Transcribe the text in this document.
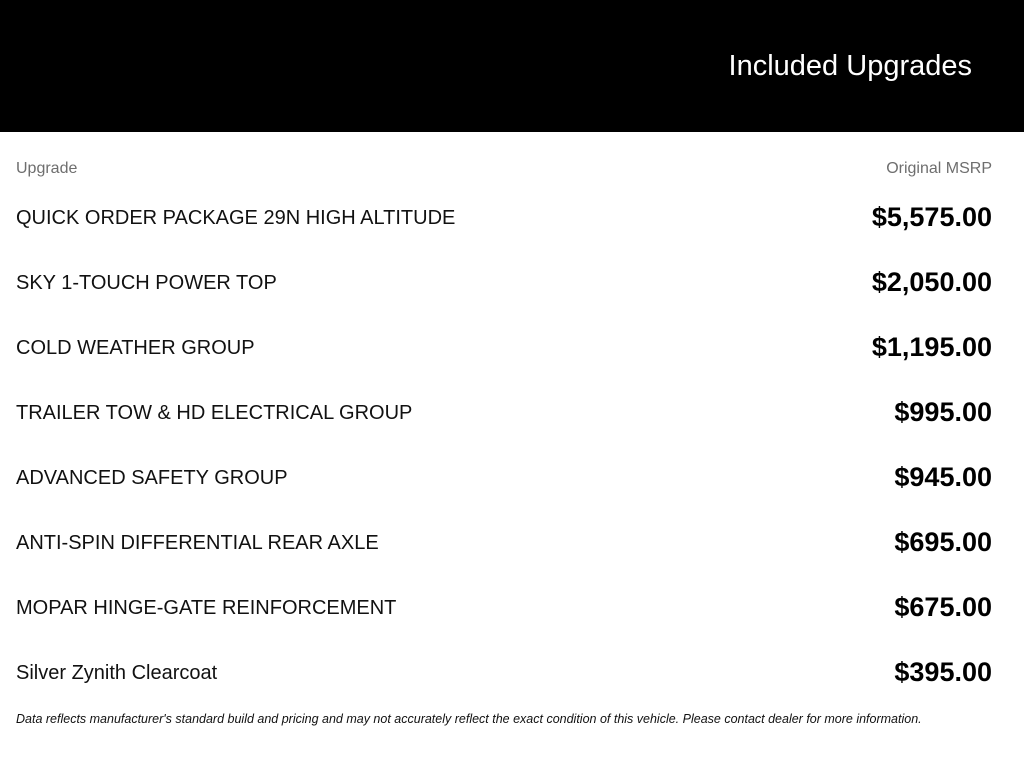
Included Upgrades
Upgrade	Original MSRP
QUICK ORDER PACKAGE 29N HIGH ALTITUDE	$5,575.00
SKY 1-TOUCH POWER TOP	$2,050.00
COLD WEATHER GROUP	$1,195.00
TRAILER TOW & HD ELECTRICAL GROUP	$995.00
ADVANCED SAFETY GROUP	$945.00
ANTI-SPIN DIFFERENTIAL REAR AXLE	$695.00
MOPAR HINGE-GATE REINFORCEMENT	$675.00
Silver Zynith Clearcoat	$395.00
Data reflects manufacturer's standard build and pricing and may not accurately reflect the exact condition of this vehicle. Please contact dealer for more information.
